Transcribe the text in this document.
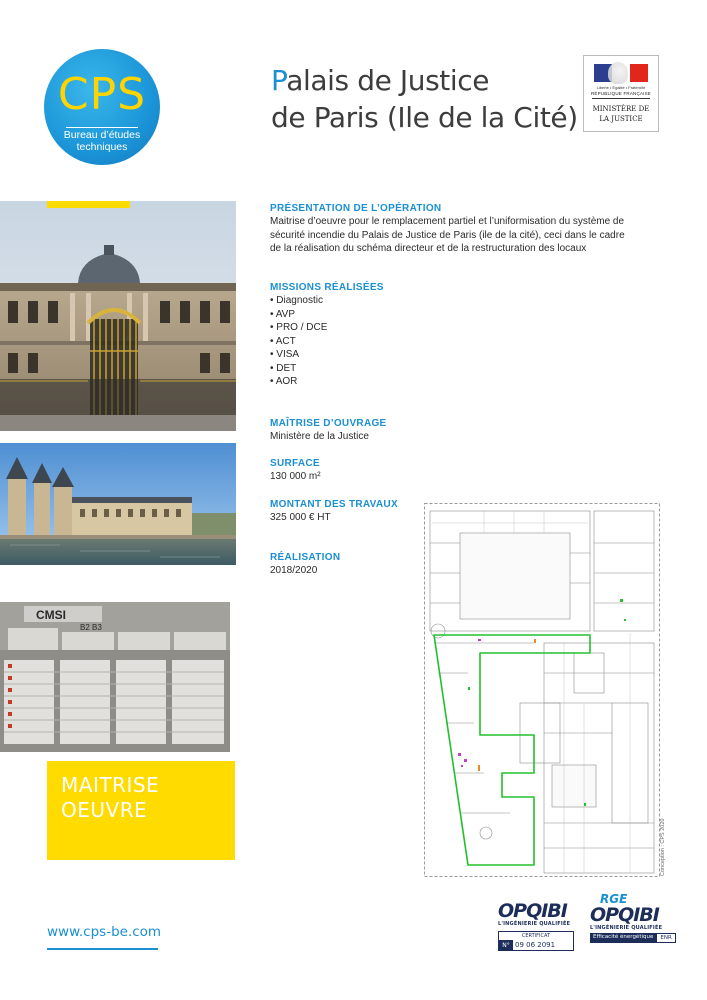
CPS
Bureau d’études
techniques
Palais de Justice
de Paris (Ile de la Cité)
Liberté • Égalité • Fraternité
RÉPUBLIQUE FRANÇAISE
MINISTÈRE DE
LA JUSTICE
CMSI
B2 B3
PRÉSENTATION DE L’OPÉRATION
Maitrise d’oeuvre pour le remplacement partiel et l’uniformisation du système de
sécurité incendie du Palais de Justice de Paris (ile de la cité), ceci dans le cadre
de la réalisation du schéma directeur et de la restructuration des locaux
MISSIONS RÉALISÉES
• Diagnostic
• AVP
• PRO / DCE
• ACT
• VISA
• DET
• AOR
MAÎTRISE D’OUVRAGE
Ministère de la Justice
SURFACE
130 000 m²
MONTANT DES TRAVAUX
325 000 € HT
RÉALISATION
2018/2020
Conception : CPS 2020
MAITRISE
OEUVRE
www.cps-be.com
OPQIBI
L'INGÉNIERIE QUALIFIÉE
CERTIFICAT
N° 09 06 2091
RGE
OPQIBI
L'INGÉNIERIE QUALIFIÉE
Efficacité énergétique	ENR
